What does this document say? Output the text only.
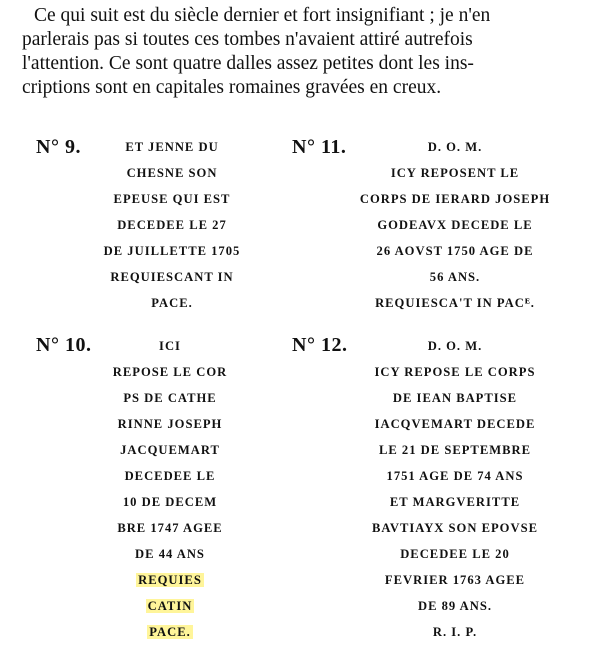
Ce qui suit est du siècle dernier et fort insignifiant ; je n'en

parlerais pas si toutes ces tombes n'avaient attiré autrefois

l'attention. Ce sont quatre dalles assez petites dont les ins-

criptions sont en capitales romaines gravées en creux.

N° 9.	ET JENNE DU
CHESNE SON
EPEUSE QUI EST
DECEDEE LE 27
DE JUILLETTE 1705
REQUIESCANT IN
PACE.
N° 11.	D. O. M.
ICY REPOSENT LE
CORPS DE IERARD JOSEPH
GODEAVX DECEDE LE
26 AOVST 1750 AGE DE
56 ANS.
REQUIESCA'T IN PACᴱ.
N° 10.	ICI
REPOSE LE COR
PS DE CATHE
RINNE JOSEPH
JACQUEMART
DECEDEE LE
10 DE DECEM
BRE 1747 AGEE
DE 44 ANS
REQUIES
CATIN
PACE.
N° 12.	D. O. M.
ICY REPOSE LE CORPS
DE IEAN BAPTISE
IACQVEMART DECEDE
LE 21 DE SEPTEMBRE
1751 AGE DE 74 ANS
ET MARGVERITTE
BAVTIAYX SON EPOVSE
DECEDEE LE 20
FEVRIER 1763 AGEE
DE 89 ANS.
R. I. P.
